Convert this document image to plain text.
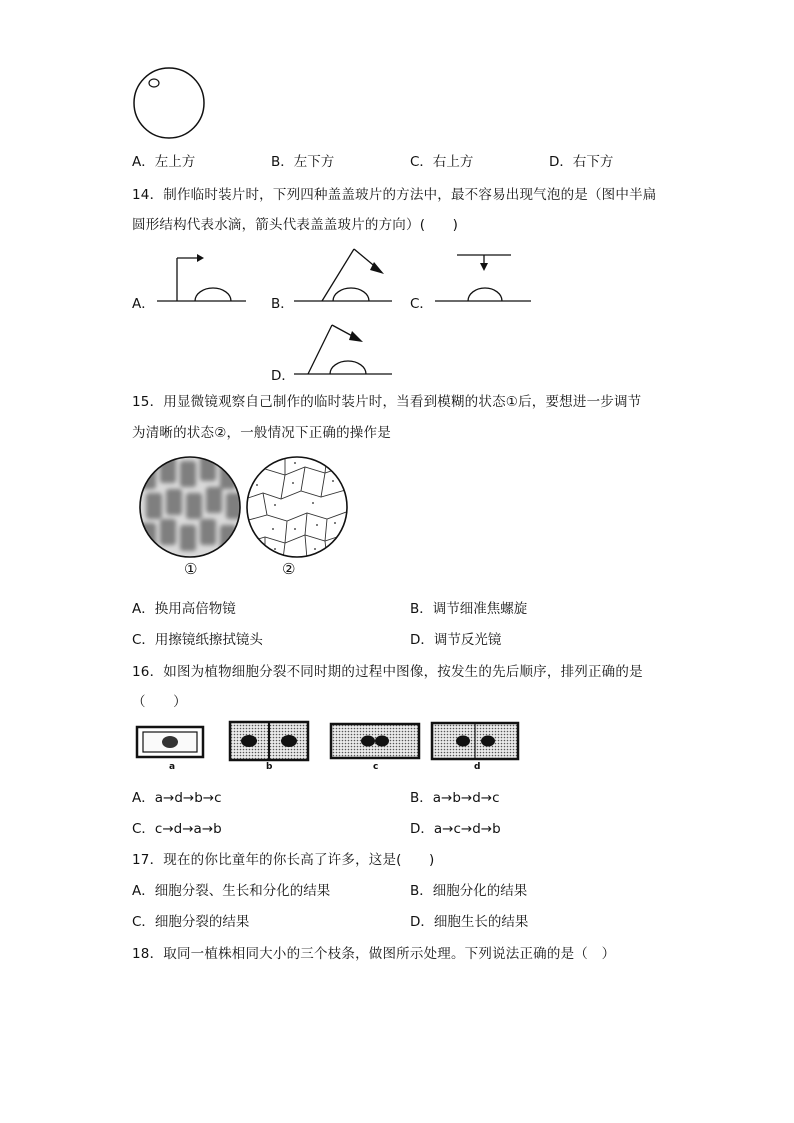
A．左上方	B．左下方	C．右上方	D．右下方
14．制作临时装片时，下列四种盖盖玻片的方法中，最不容易出现气泡的是（图中半扁
圆形结构代表水滴，箭头代表盖盖玻片的方向）(　　)
A．	B．	C．
D．
15．用显微镜观察自己制作的临时装片时，当看到模糊的状态①后，要想进一步调节
为清晰的状态②，一般情况下正确的操作是
①	②
A．换用高倍物镜	B．调节细准焦螺旋
C．用擦镜纸擦拭镜头	D．调节反光镜
16．如图为植物细胞分裂不同时期的过程中图像，按发生的先后顺序，排列正确的是
（　　）
a	b	c	d
A．a→d→b→c	B．a→b→d→c
C．c→d→a→b	D．a→c→d→b
17．现在的你比童年的你长高了许多，这是(　　)
A．细胞分裂、生长和分化的结果	B．细胞分化的结果
C．细胞分裂的结果	D．细胞生长的结果
18．取同一植株相同大小的三个枝条，做图所示处理。下列说法正确的是（　）
